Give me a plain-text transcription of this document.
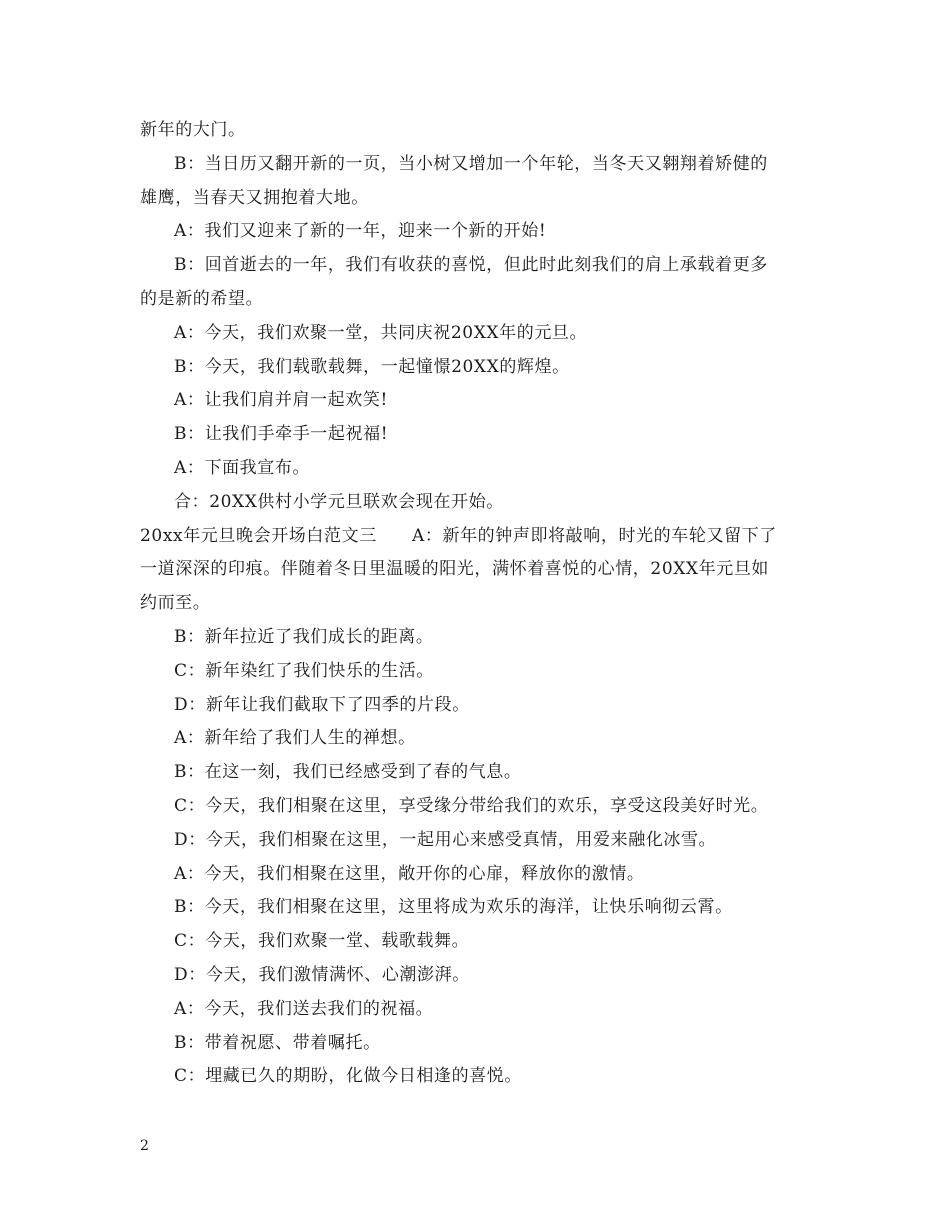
新年的大门。
B：当日历又翻开新的一页，当小树又增加一个年轮，当冬天又翱翔着矫健的
雄鹰，当春天又拥抱着大地。
A：我们又迎来了新的一年，迎来一个新的开始!
B：回首逝去的一年，我们有收获的喜悦，但此时此刻我们的肩上承载着更多
的是新的希望。
A：今天，我们欢聚一堂，共同庆祝20XX年的元旦。
B：今天，我们载歌载舞，一起憧憬20XX的辉煌。
A：让我们肩并肩一起欢笑!
B：让我们手牵手一起祝福!
A：下面我宣布。
合：20XX供村小学元旦联欢会现在开始。
20xx年元旦晚会开场白范文三　　A：新年的钟声即将敲响，时光的车轮又留下了
一道深深的印痕。伴随着冬日里温暖的阳光，满怀着喜悦的心情，20XX年元旦如
约而至。
B：新年拉近了我们成长的距离。
C：新年染红了我们快乐的生活。
D：新年让我们截取下了四季的片段。
A：新年给了我们人生的禅想。
B：在这一刻，我们已经感受到了春的气息。
C：今天，我们相聚在这里，享受缘分带给我们的欢乐，享受这段美好时光。
D：今天，我们相聚在这里，一起用心来感受真情，用爱来融化冰雪。
A：今天，我们相聚在这里，敞开你的心扉，释放你的激情。
B：今天，我们相聚在这里，这里将成为欢乐的海洋，让快乐响彻云霄。
C：今天，我们欢聚一堂、载歌载舞。
D：今天，我们激情满怀、心潮澎湃。
A：今天，我们送去我们的祝福。
B：带着祝愿、带着嘱托。
C：埋藏已久的期盼，化做今日相逢的喜悦。
2
